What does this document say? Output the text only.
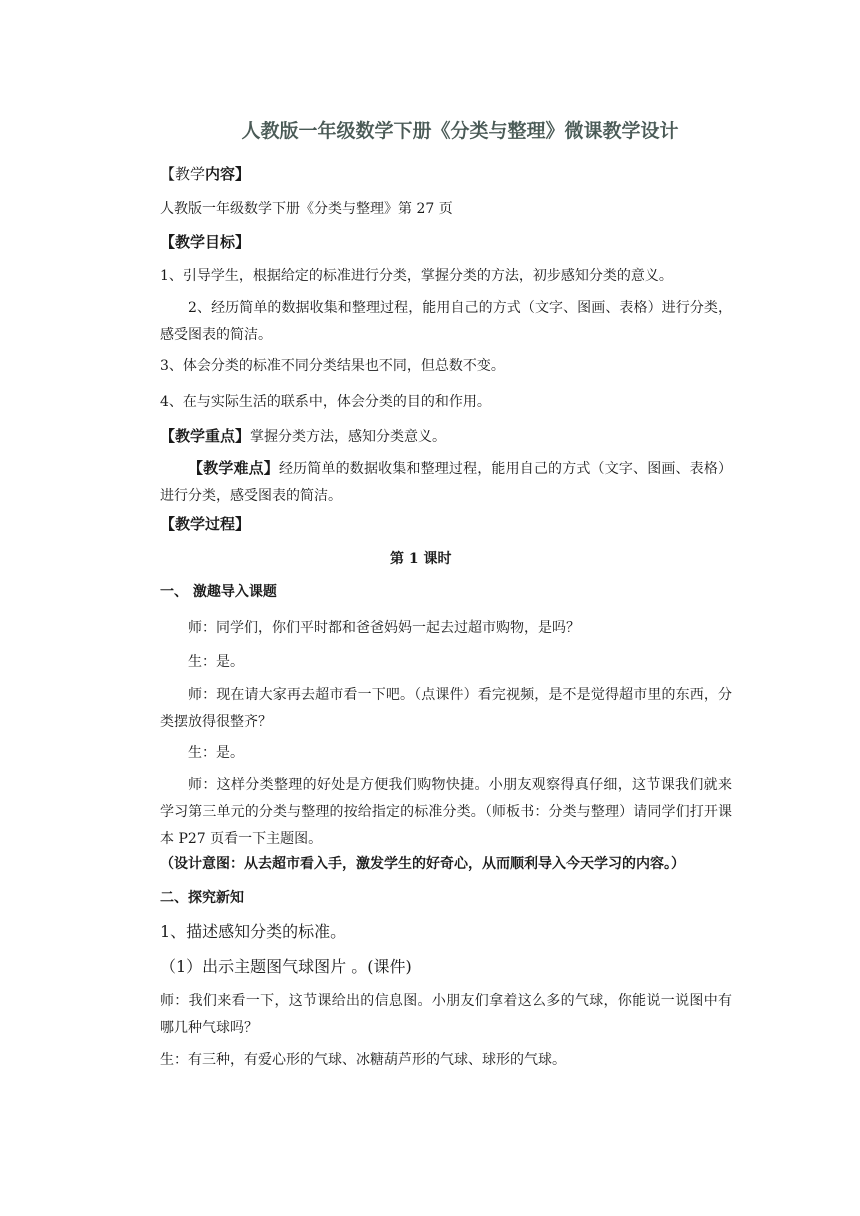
人教版一年级数学下册《分类与整理》微课教学设计
【教学内容】
人教版一年级数学下册《分类与整理》第 27 页
【教学目标】
1、引导学生，根据给定的标准进行分类，掌握分类的方法，初步感知分类的意义。
2、经历简单的数据收集和整理过程，能用自己的方式（文字、图画、表格）进行分类，感受图表的简洁。
3、体会分类的标准不同分类结果也不同，但总数不变。
4、在与实际生活的联系中，体会分类的目的和作用。
【教学重点】掌握分类方法，感知分类意义。
【教学难点】经历简单的数据收集和整理过程，能用自己的方式（文字、图画、表格）进行分类，感受图表的简洁。
【教学过程】
第 1 课时
一、 激趣导入课题
师：同学们，你们平时都和爸爸妈妈一起去过超市购物，是吗？
生：是。
师：现在请大家再去超市看一下吧。（点课件）看完视频，是不是觉得超市里的东西，分类摆放得很整齐？
生：是。
师：这样分类整理的好处是方便我们购物快捷。小朋友观察得真仔细，这节课我们就来学习第三单元的分类与整理的按给指定的标准分类。（师板书：分类与整理）请同学们打开课本 P27 页看一下主题图。
（设计意图：从去超市看入手，激发学生的好奇心，从而顺利导入今天学习的内容。）
二、探究新知
1、描述感知分类的标准。
（1）出示主题图气球图片 。(课件)
师：我们来看一下，这节课给出的信息图。小朋友们拿着这么多的气球，你能说一说图中有哪几种气球吗？
生：有三种，有爱心形的气球、冰糖葫芦形的气球、球形的气球。
